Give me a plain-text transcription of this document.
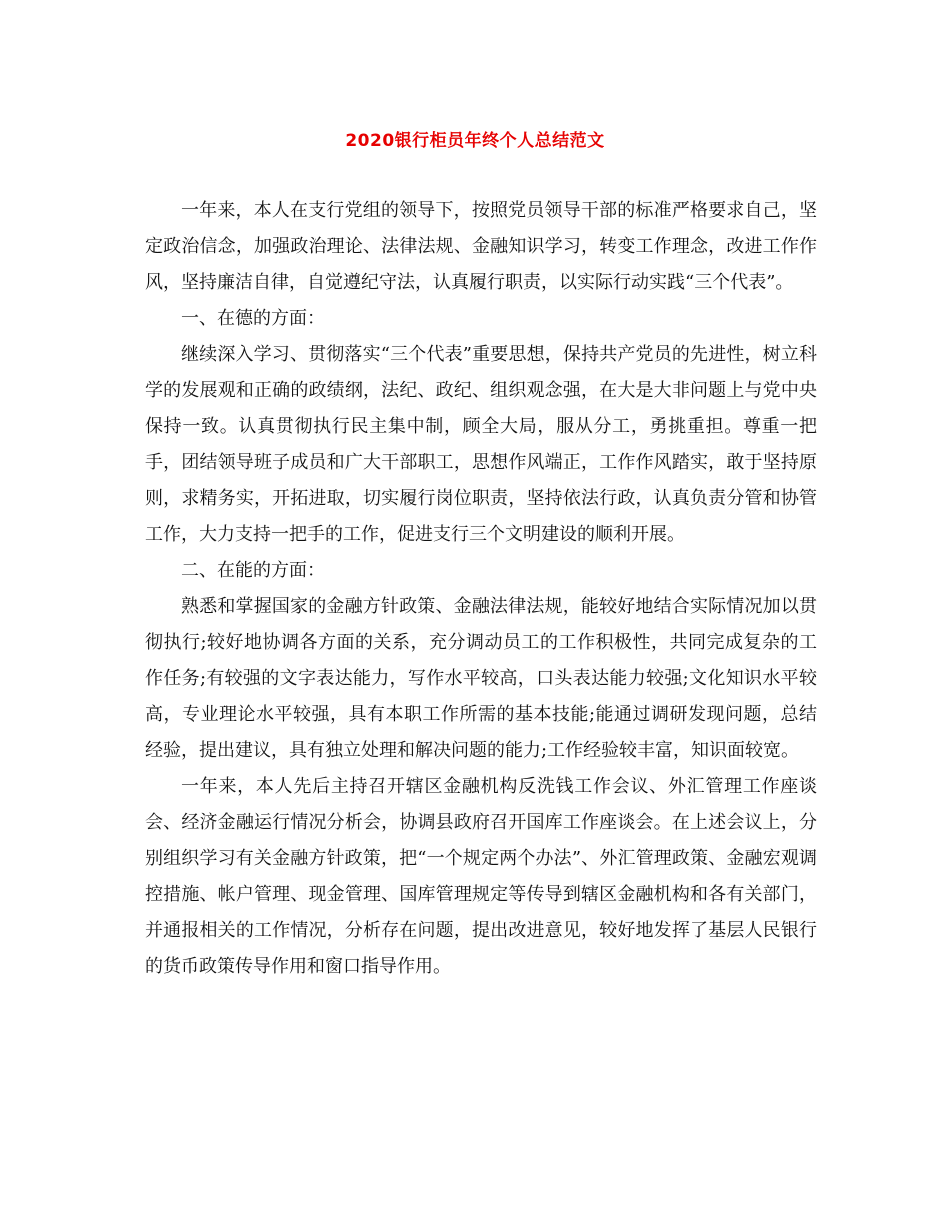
2020银行柜员年终个人总结范文

一年来，本人在支行党组的领导下，按照党员领导干部的标准严格要求自己，坚定政治信念，加强政治理论、法律法规、金融知识学习，转变工作理念，改进工作作风，坚持廉洁自律，自觉遵纪守法，认真履行职责，以实际行动实践“三个代表”。

一、在德的方面：

继续深入学习、贯彻落实“三个代表”重要思想，保持共产党员的先进性，树立科学的发展观和正确的政绩纲，法纪、政纪、组织观念强，在大是大非问题上与党中央保持一致。认真贯彻执行民主集中制，顾全大局，服从分工，勇挑重担。尊重一把手，团结领导班子成员和广大干部职工，思想作风端正，工作作风踏实，敢于坚持原则，求精务实，开拓进取，切实履行岗位职责，坚持依法行政，认真负责分管和协管工作，大力支持一把手的工作，促进支行三个文明建设的顺利开展。

二、在能的方面：

熟悉和掌握国家的金融方针政策、金融法律法规，能较好地结合实际情况加以贯彻执行;较好地协调各方面的关系，充分调动员工的工作积极性，共同完成复杂的工作任务;有较强的文字表达能力，写作水平较高，口头表达能力较强;文化知识水平较高，专业理论水平较强，具有本职工作所需的基本技能;能通过调研发现问题，总结经验，提出建议，具有独立处理和解决问题的能力;工作经验较丰富，知识面较宽。

一年来，本人先后主持召开辖区金融机构反洗钱工作会议、外汇管理工作座谈会、经济金融运行情况分析会，协调县政府召开国库工作座谈会。在上述会议上，分别组织学习有关金融方针政策，把“一个规定两个办法”、外汇管理政策、金融宏观调控措施、帐户管理、现金管理、国库管理规定等传导到辖区金融机构和各有关部门，并通报相关的工作情况，分析存在问题，提出改进意见，较好地发挥了基层人民银行的货币政策传导作用和窗口指导作用。
